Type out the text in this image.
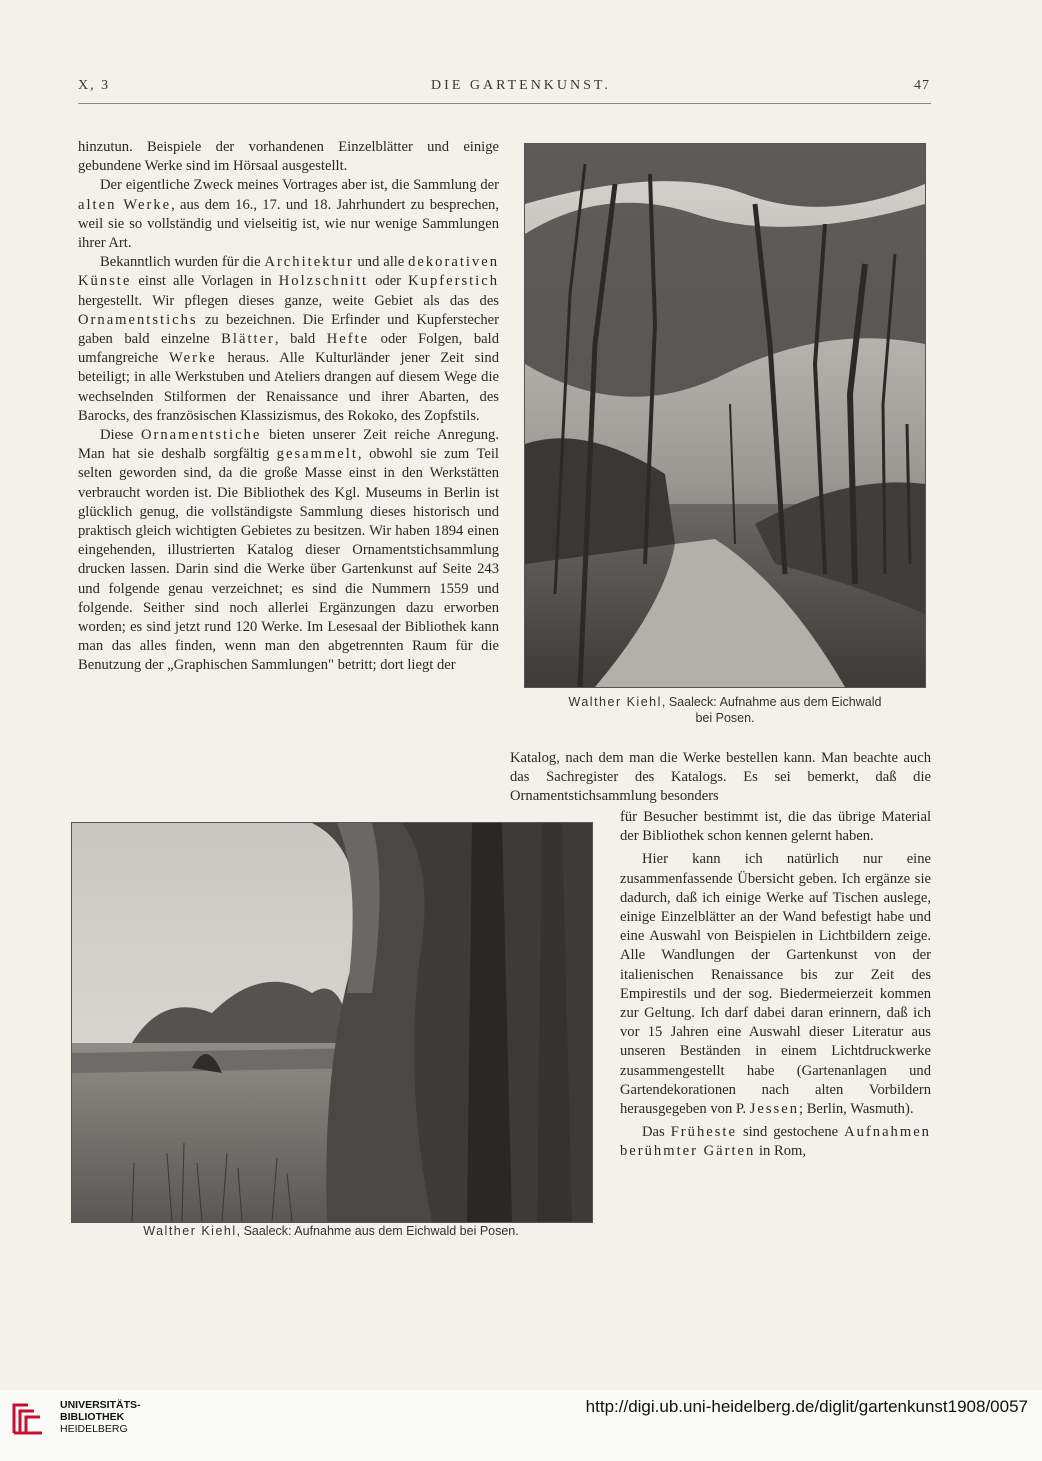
DIE GARTENKUNST.
X, 3	47

hinzutun. Beispiele der vorhandenen Einzelblätter und einige gebundene Werke sind im Hörsaal ausgestellt.

Der eigentliche Zweck meines Vortrages aber ist, die Sammlung der alten Werke, aus dem 16., 17. und 18. Jahrhundert zu besprechen, weil sie so vollständig und vielseitig ist, wie nur wenige Sammlungen ihrer Art.

Bekanntlich wurden für die Architektur und alle dekorativen Künste einst alle Vorlagen in Holzschnitt oder Kupferstich hergestellt. Wir pflegen dieses ganze, weite Gebiet als das des Ornamentstichs zu bezeichnen. Die Erfinder und Kupferstecher gaben bald einzelne Blätter, bald Hefte oder Folgen, bald umfangreiche Werke heraus. Alle Kulturländer jener Zeit sind beteiligt; in alle Werkstuben und Ateliers drangen auf diesem Wege die wechselnden Stilformen der Renaissance und ihrer Abarten, des Barocks, des französischen Klassizismus, des Rokoko, des Zopfstils.

Diese Ornamentstiche bieten unserer Zeit reiche Anregung. Man hat sie deshalb sorgfältig gesammelt, obwohl sie zum Teil selten geworden sind, da die große Masse einst in den Werkstätten verbraucht worden ist. Die Bibliothek des Kgl. Museums in Berlin ist glücklich genug, die vollständigste Sammlung dieses historisch und praktisch gleich wichtigten Gebietes zu besitzen. Wir haben 1894 einen eingehenden, illustrierten Katalog dieser Ornamentstichsammlung drucken lassen. Darin sind die Werke über Gartenkunst auf Seite 243 und folgende genau verzeichnet; es sind die Nummern 1559 und folgende. Seither sind noch allerlei Ergänzungen dazu erworben worden; es sind jetzt rund 120 Werke. Im Lesesaal der Bibliothek kann man das alles finden, wenn man den abgetrennten Raum für die Benutzung der „Graphischen Sammlungen" betritt; dort liegt der

Walther Kiehl, Saaleck: Aufnahme aus dem Eichwald
bei Posen.

Katalog, nach dem man die Werke bestellen kann. Man beachte auch das Sachregister des Katalogs. Es sei bemerkt, daß die Ornamentstichsammlung besonders

für Besucher bestimmt ist, die das übrige Material der Bibliothek schon kennen gelernt haben.

Hier kann ich natürlich nur eine zusammenfassende Übersicht geben. Ich ergänze sie dadurch, daß ich einige Werke auf Tischen auslege, einige Einzelblätter an der Wand befestigt habe und eine Auswahl von Beispielen in Lichtbildern zeige. Alle Wandlungen der Gartenkunst von der italienischen Renaissance bis zur Zeit des Empirestils und der sog. Biedermeierzeit kommen zur Geltung. Ich darf dabei daran erinnern, daß ich vor 15 Jahren eine Auswahl dieser Literatur aus unseren Beständen in einem Lichtdruckwerke zusammengestellt habe (Gartenanlagen und Gartendekorationen nach alten Vorbildern herausgegeben von P. Jessen; Berlin, Wasmuth).

Das Früheste sind gestochene Aufnahmen berühmter Gärten in Rom,

Walther Kiehl, Saaleck: Aufnahme aus dem Eichwald bei Posen.
UNIVERSITÄTS-
BIBLIOTHEK
HEIDELBERG
http://digi.ub.uni-heidelberg.de/diglit/gartenkunst1908/0057
